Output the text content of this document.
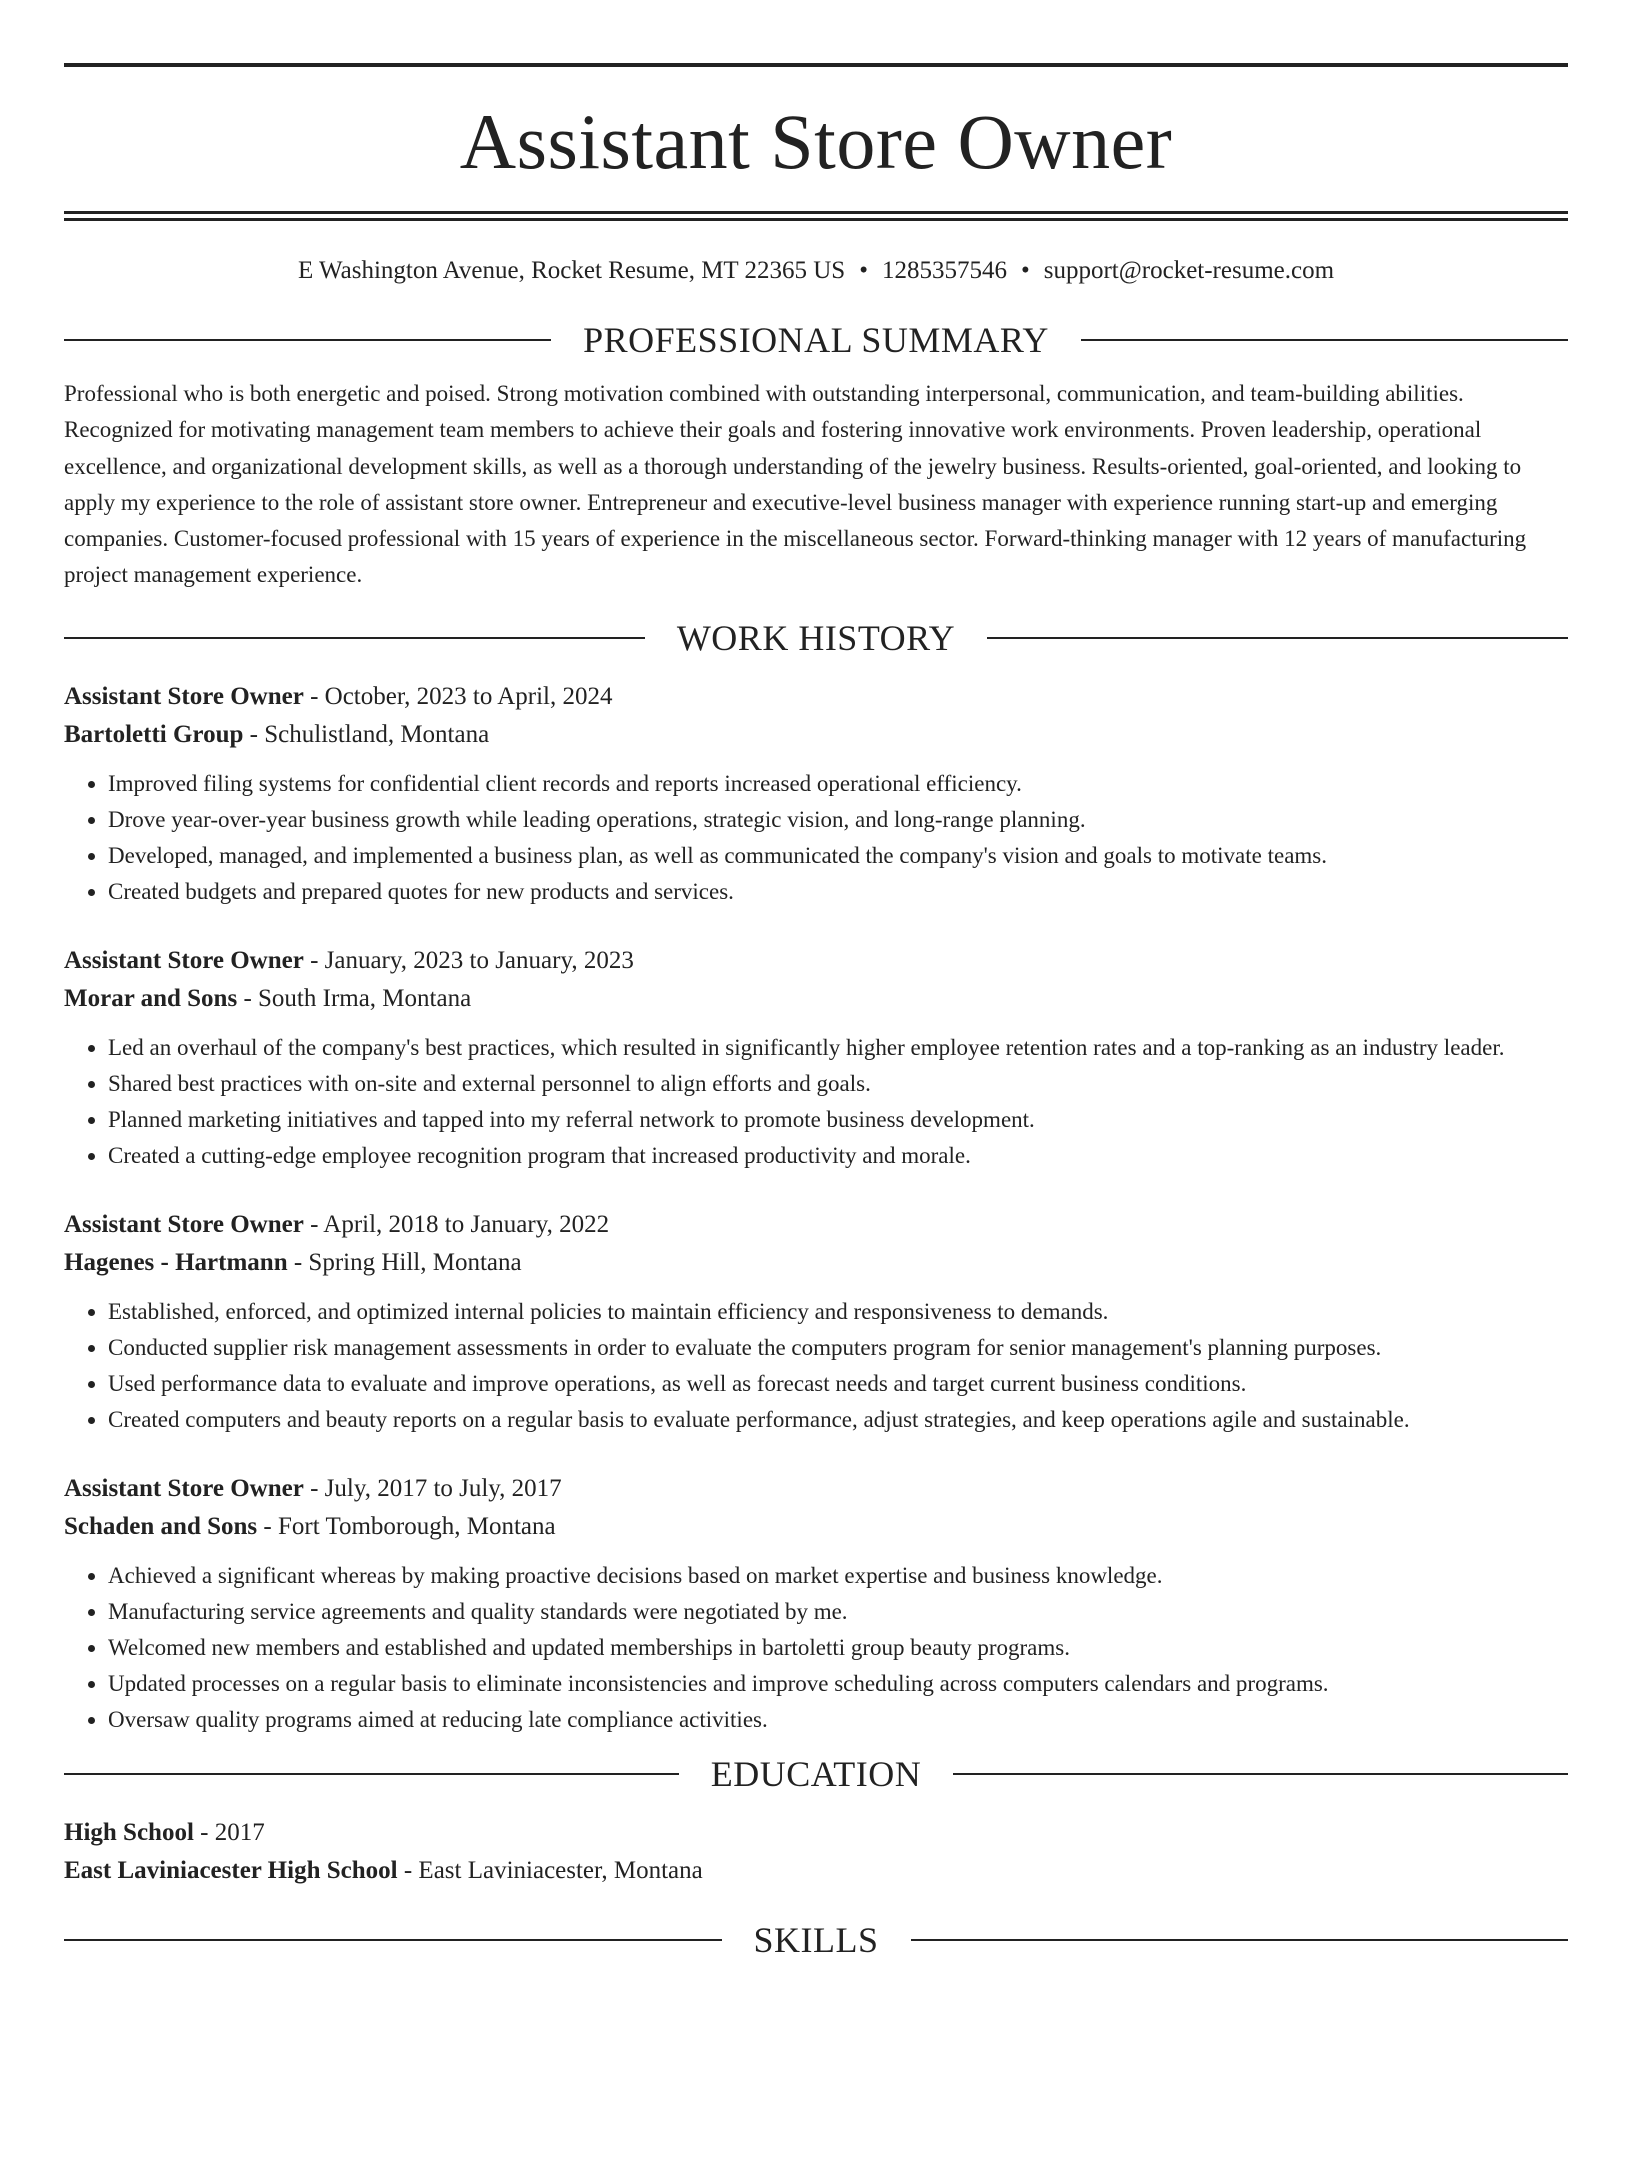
Assistant Store Owner
E Washington Avenue, Rocket Resume, MT 22365 US • 1285357546 • support@rocket-resume.com
PROFESSIONAL SUMMARY
Professional who is both energetic and poised. Strong motivation combined with outstanding interpersonal, communication, and team-building abilities. Recognized for motivating management team members to achieve their goals and fostering innovative work environments. Proven leadership, operational excellence, and organizational development skills, as well as a thorough understanding of the jewelry business. Results-oriented, goal-oriented, and looking to apply my experience to the role of assistant store owner. Entrepreneur and executive-level business manager with experience running start-up and emerging companies. Customer-focused professional with 15 years of experience in the miscellaneous sector. Forward-thinking manager with 12 years of manufacturing project management experience.
WORK HISTORY
Assistant Store Owner - October, 2023 to April, 2024
Bartoletti Group - Schulistland, Montana
• Improved filing systems for confidential client records and reports increased operational efficiency.
• Drove year-over-year business growth while leading operations, strategic vision, and long-range planning.
• Developed, managed, and implemented a business plan, as well as communicated the company's vision and goals to motivate teams.
• Created budgets and prepared quotes for new products and services.
Assistant Store Owner - January, 2023 to January, 2023
Morar and Sons - South Irma, Montana
• Led an overhaul of the company's best practices, which resulted in significantly higher employee retention rates and a top-ranking as an industry leader.
• Shared best practices with on-site and external personnel to align efforts and goals.
• Planned marketing initiatives and tapped into my referral network to promote business development.
• Created a cutting-edge employee recognition program that increased productivity and morale.
Assistant Store Owner - April, 2018 to January, 2022
Hagenes - Hartmann - Spring Hill, Montana
• Established, enforced, and optimized internal policies to maintain efficiency and responsiveness to demands.
• Conducted supplier risk management assessments in order to evaluate the computers program for senior management's planning purposes.
• Used performance data to evaluate and improve operations, as well as forecast needs and target current business conditions.
• Created computers and beauty reports on a regular basis to evaluate performance, adjust strategies, and keep operations agile and sustainable.
Assistant Store Owner - July, 2017 to July, 2017
Schaden and Sons - Fort Tomborough, Montana
• Achieved a significant whereas by making proactive decisions based on market expertise and business knowledge.
• Manufacturing service agreements and quality standards were negotiated by me.
• Welcomed new members and established and updated memberships in bartoletti group beauty programs.
• Updated processes on a regular basis to eliminate inconsistencies and improve scheduling across computers calendars and programs.
• Oversaw quality programs aimed at reducing late compliance activities.
EDUCATION
High School - 2017
East Laviniacester High School - East Laviniacester, Montana
SKILLS
